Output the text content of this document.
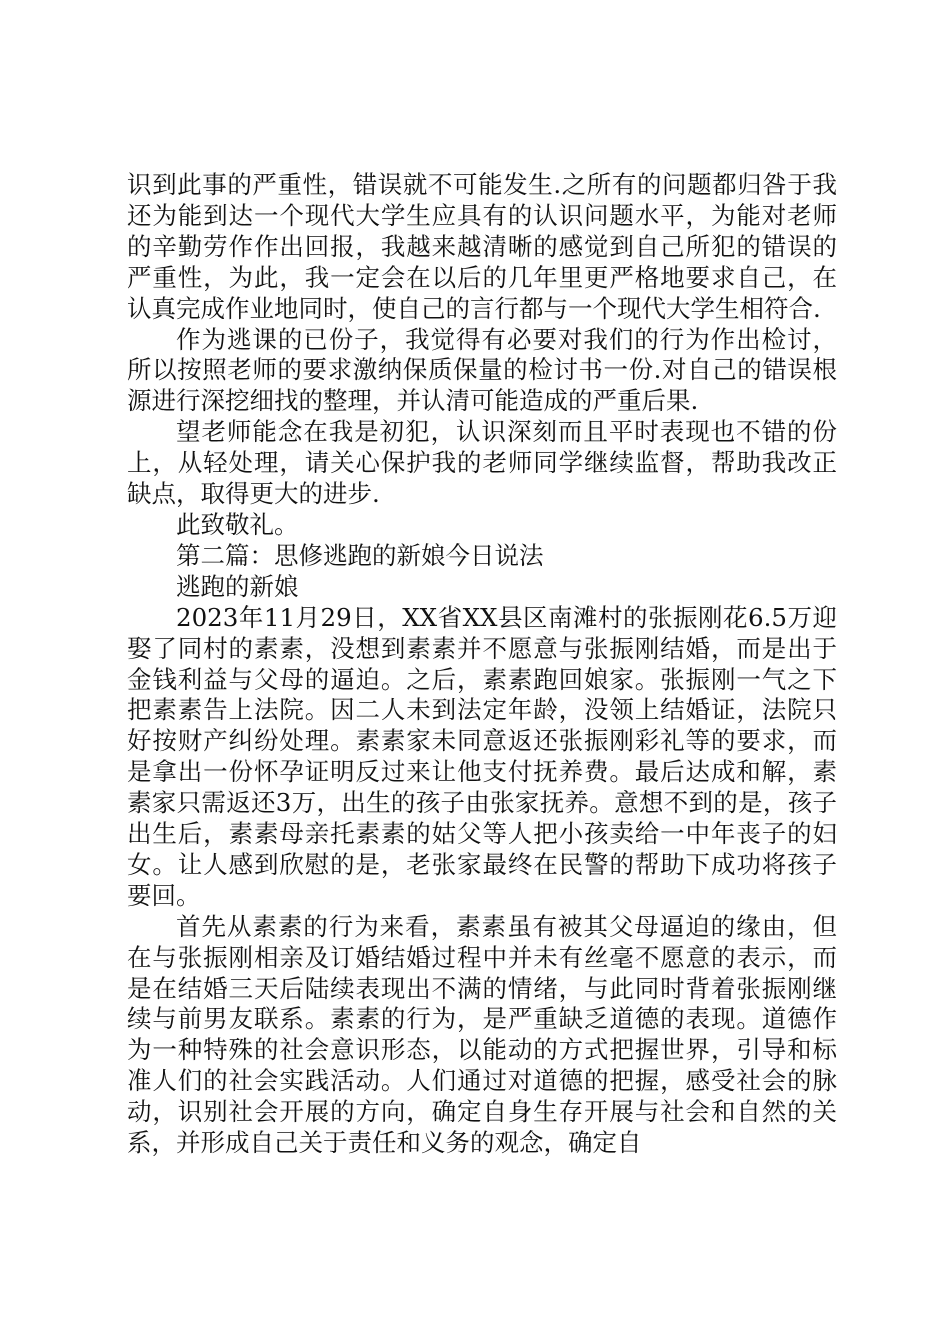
识到此事的严重性，错误就不可能发生.之所有的问题都归咎于我还为能到达一个现代大学生应具有的认识问题水平，为能对老师的辛勤劳作作出回报，我越来越清晰的感觉到自己所犯的错误的严重性，为此，我一定会在以后的几年里更严格地要求自己，在认真完成作业地同时，使自己的言行都与一个现代大学生相符合.

作为逃课的已份子，我觉得有必要对我们的行为作出检讨，所以按照老师的要求激纳保质保量的检讨书一份.对自己的错误根源进行深挖细找的整理，并认清可能造成的严重后果.

望老师能念在我是初犯，认识深刻而且平时表现也不错的份上，从轻处理，请关心保护我的老师同学继续监督，帮助我改正缺点，取得更大的进步.

此致敬礼。

第二篇：思修逃跑的新娘今日说法

逃跑的新娘

2023年11月29日，XX省XX县区南滩村的张振刚花6.5万迎娶了同村的素素，没想到素素并不愿意与张振刚结婚，而是出于金钱利益与父母的逼迫。之后，素素跑回娘家。张振刚一气之下把素素告上法院。因二人未到法定年龄，没领上结婚证，法院只好按财产纠纷处理。素素家未同意返还张振刚彩礼等的要求，而是拿出一份怀孕证明反过来让他支付抚养费。最后达成和解，素素家只需返还3万，出生的孩子由张家抚养。意想不到的是，孩子出生后，素素母亲托素素的姑父等人把小孩卖给一中年丧子的妇女。让人感到欣慰的是，老张家最终在民警的帮助下成功将孩子要回。

首先从素素的行为来看，素素虽有被其父母逼迫的缘由，但在与张振刚相亲及订婚结婚过程中并未有丝毫不愿意的表示，而是在结婚三天后陆续表现出不满的情绪，与此同时背着张振刚继续与前男友联系。素素的行为，是严重缺乏道德的表现。道德作为一种特殊的社会意识形态，以能动的方式把握世界，引导和标准人们的社会实践活动。人们通过对道德的把握，感受社会的脉动，识别社会开展的方向，确定自身生存开展与社会和自然的关系，并形成自己关于责任和义务的观念，确定自
